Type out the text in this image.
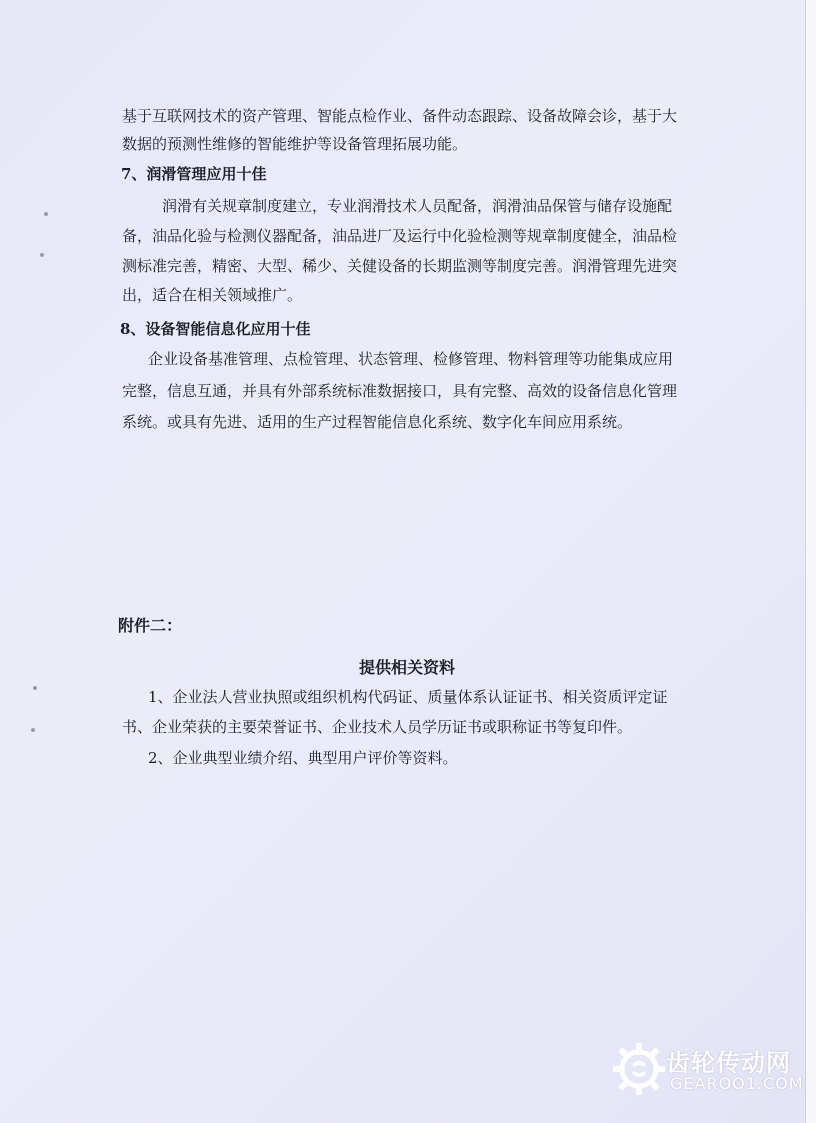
基于互联网技术的资产管理、智能点检作业、备件动态跟踪、设备故障会诊，基于大
数据的预测性维修的智能维护等设备管理拓展功能。
7、润滑管理应用十佳
润滑有关规章制度建立，专业润滑技术人员配备，润滑油品保管与储存设施配
备，油品化验与检测仪器配备，油品进厂及运行中化验检测等规章制度健全，油品检
测标准完善，精密、大型、稀少、关健设备的长期监测等制度完善。润滑管理先进突
出，适合在相关领域推广。
8、设备智能信息化应用十佳
企业设备基准管理、点检管理、状态管理、检修管理、物料管理等功能集成应用
完整，信息互通，并具有外部系统标准数据接口，具有完整、高效的设备信息化管理
系统。或具有先进、适用的生产过程智能信息化系统、数字化车间应用系统。
附件二：
提供相关资料
1、企业法人营业执照或组织机构代码证、质量体系认证证书、相关资质评定证
书、企业荣获的主要荣誉证书、企业技术人员学历证书或职称证书等复印件。
2、企业典型业绩介绍、典型用户评价等资料。
齿轮传动网
GEAROO1.COM
